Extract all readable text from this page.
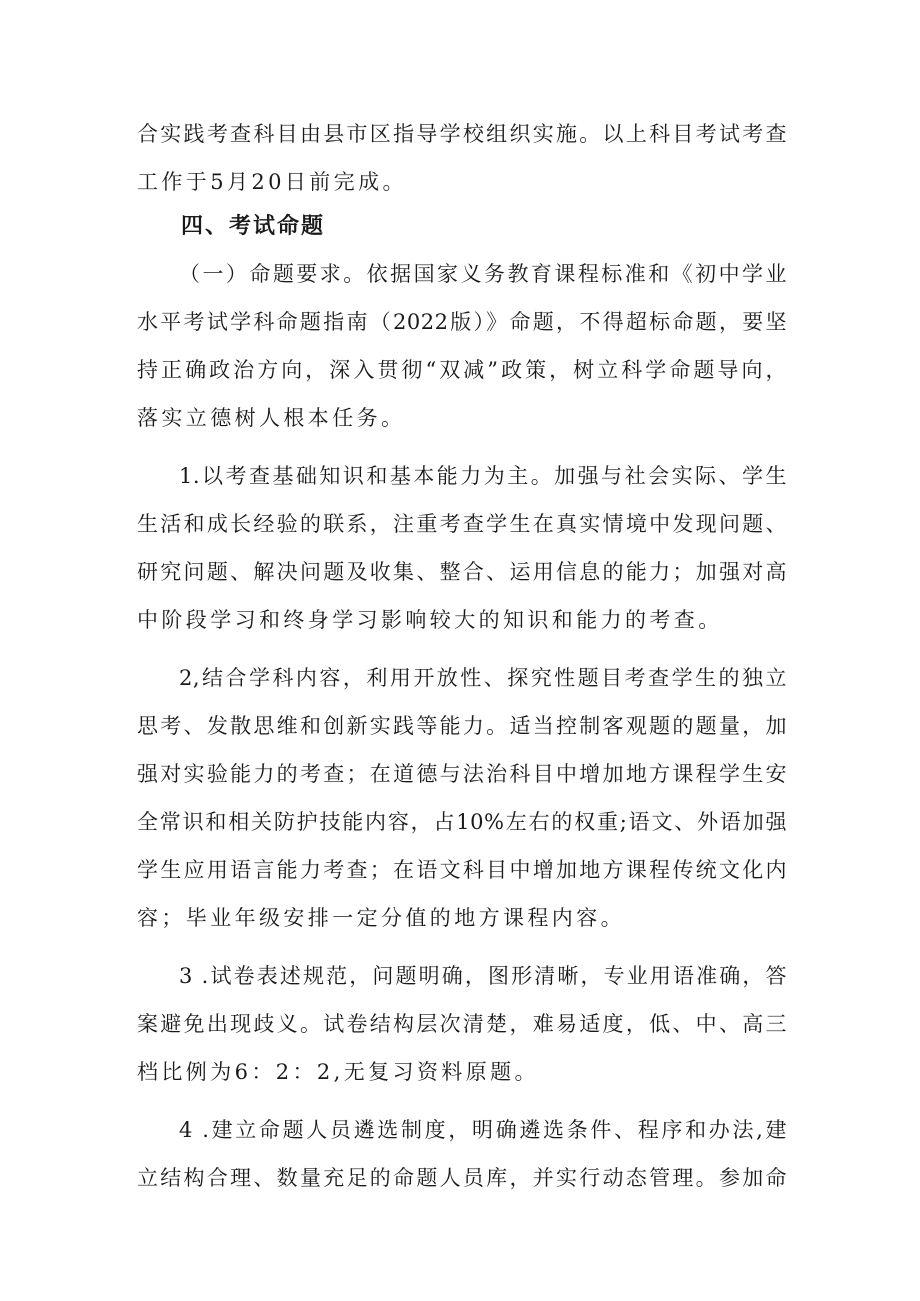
合实践考查科目由县市区指导学校组织实施。以上科目考试考查
工作于5月20日前完成。
四、考试命题
（一）命题要求。依据国家义务教育课程标准和《初中学业
水平考试学科命题指南（2022版）》命题，不得超标命题，要坚
持正确政治方向，深入贯彻“双减”政策，树立科学命题导向，
落实立德树人根本任务。
1.以考查基础知识和基本能力为主。加强与社会实际、学生
生活和成长经验的联系，注重考查学生在真实情境中发现问题、
研究问题、解决问题及收集、整合、运用信息的能力；加强对高
中阶段学习和终身学习影响较大的知识和能力的考查。
2,结合学科内容，利用开放性、探究性题目考查学生的独立
思考、发散思维和创新实践等能力。适当控制客观题的题量，加
强对实验能力的考查；在道德与法治科目中增加地方课程学生安
全常识和相关防护技能内容，占10%左右的权重;语文、外语加强
学生应用语言能力考查；在语文科目中增加地方课程传统文化内
容；毕业年级安排一定分值的地方课程内容。
3 .试卷表述规范，问题明确，图形清晰，专业用语准确，答
案避免出现歧义。试卷结构层次清楚，难易适度，低、中、高三
档比例为6：2：2,无复习资料原题。
4 .建立命题人员遴选制度，明确遴选条件、程序和办法,建
立结构合理、数量充足的命题人员库，并实行动态管理。参加命
